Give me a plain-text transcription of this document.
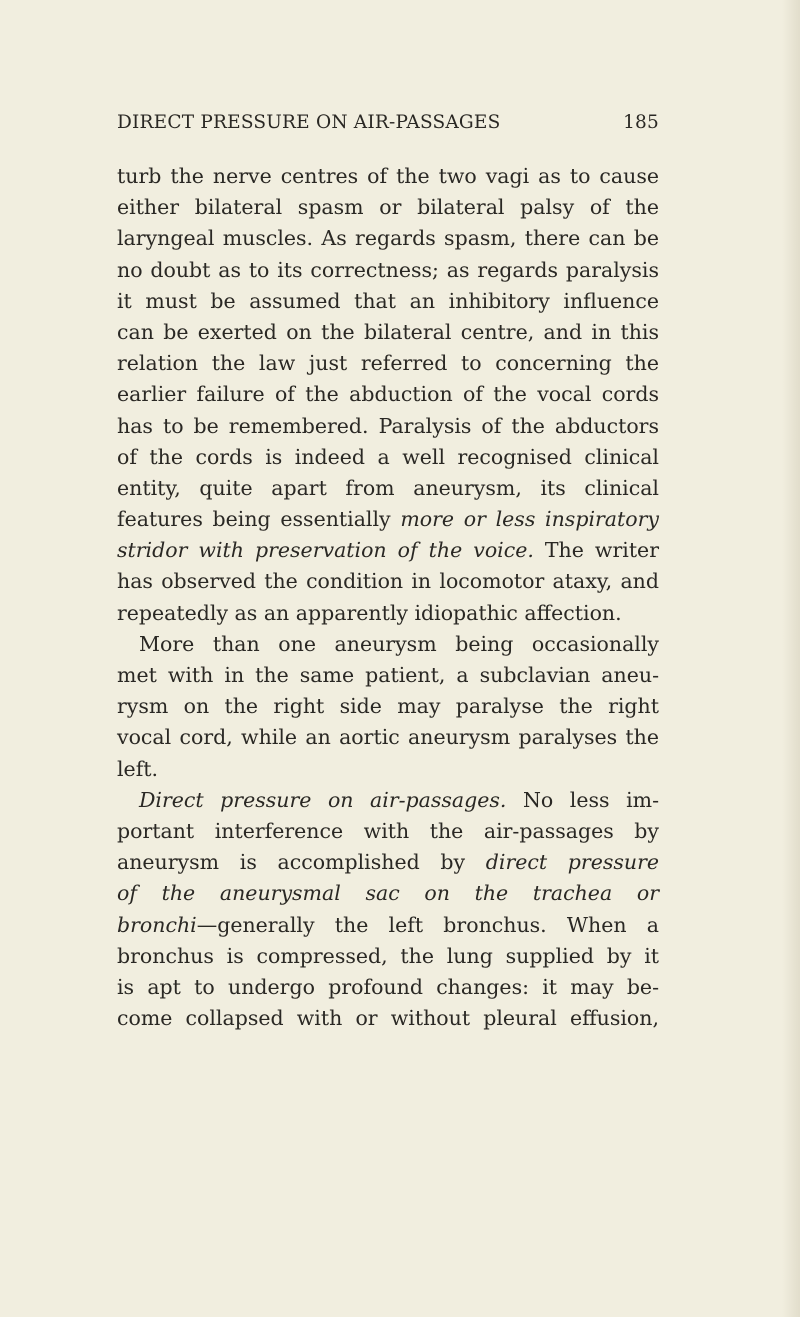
DIRECT PRESSURE ON AIR-PASSAGES	185
turb the nerve centres of the two vagi as to cause
either bilateral spasm or bilateral palsy of the
laryngeal muscles. As regards spasm, there can be
no doubt as to its correctness; as regards paralysis
it must be assumed that an inhibitory influence
can be exerted on the bilateral centre, and in this
relation the law just referred to concerning the
earlier failure of the abduction of the vocal cords
has to be remembered. Paralysis of the abductors
of the cords is indeed a well recognised clinical
entity, quite apart from aneurysm, its clinical
features being essentially more or less inspiratory
stridor with preservation of the voice. The writer
has observed the condition in locomotor ataxy, and
repeatedly as an apparently idiopathic affection.
More than one aneurysm being occasionally
met with in the same patient, a subclavian aneu-
rysm on the right side may paralyse the right
vocal cord, while an aortic aneurysm paralyses the
left.
Direct pressure on air-passages. No less im-
portant interference with the air-passages by
aneurysm is accomplished by direct pressure
of the aneurysmal sac on the trachea or
bronchi—generally the left bronchus. When a
bronchus is compressed, the lung supplied by it
is apt to undergo profound changes: it may be-
come collapsed with or without pleural effusion,
